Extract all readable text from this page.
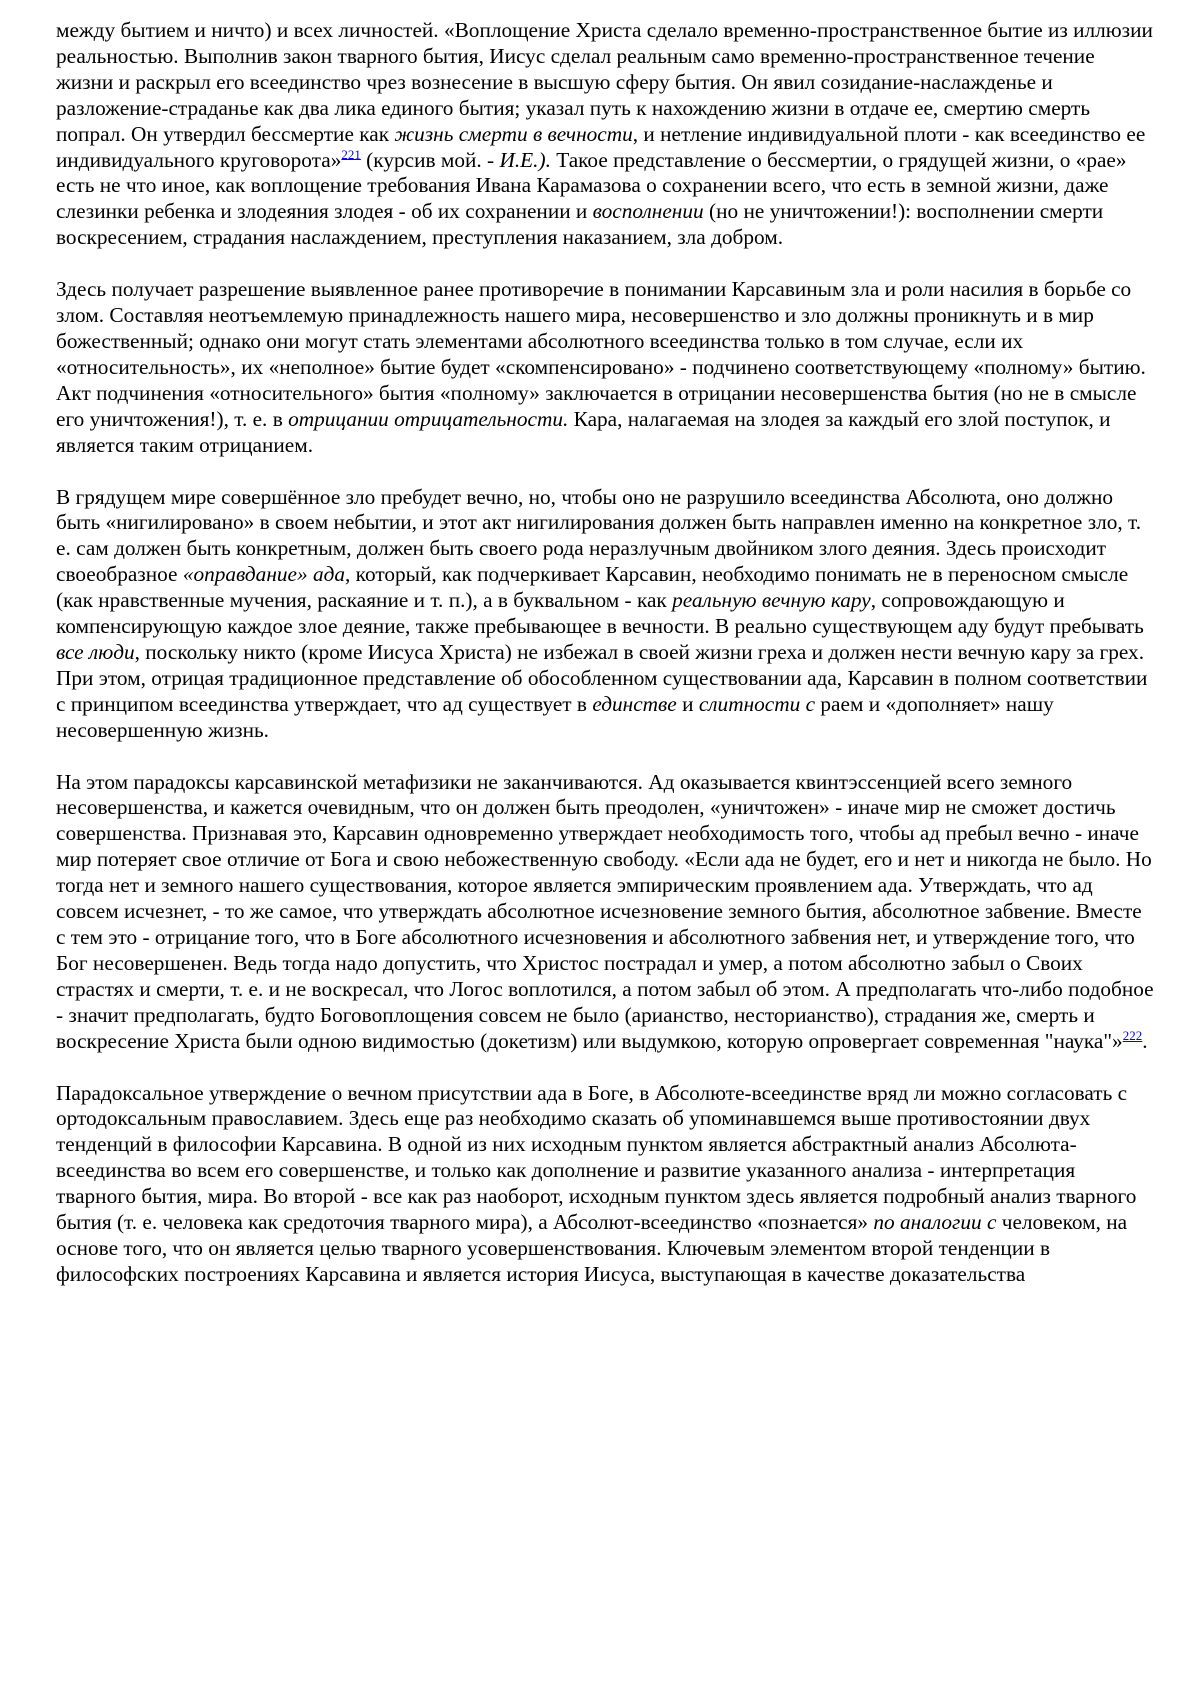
между бытием и ничто) и всех личностей. «Воплощение Христа сделало временно-пространственное бытие из иллюзии реальностью. Выполнив закон тварного бытия, Иисус сделал реальным само временно-пространственное течение жизни и раскрыл его всеединство чрез вознесение в высшую сферу бытия. Он явил созидание-наслажденье и разложение-страданье как два лика единого бытия; указал путь к нахождению жизни в отдаче ее, смертию смерть попрал. Он утвердил бессмертие как жизнь смерти в вечности, и нетление индивидуальной плоти - как всеединство ее индивидуального круговорота»$^{221}$ (курсив мой. - И.Е.). Такое представление о бессмертии, о грядущей жизни, о «рае» есть не что иное, как воплощение требования Ивана Карамазова о сохранении всего, что есть в земной жизни, даже слезинки ребенка и злодеяния злодея - об их сохранении и восполнении (но не уничтожении!): восполнении смерти воскресением, страдания наслаждением, преступления наказанием, зла добром.

Здесь получает разрешение выявленное ранее противоречие в понимании Карсавиным зла и роли насилия в борьбе со злом. Составляя неотъемлемую принадлежность нашего мира, несовершенство и зло должны проникнуть и в мир божественный; однако они могут стать элементами абсолютного всеединства только в том случае, если их «относительность», их «неполное» бытие будет «скомпенсировано» - подчинено соответствующему «полному» бытию. Акт подчинения «относительного» бытия «полному» заключается в отрицании несовершенства бытия (но не в смысле его уничтожения!), т. е. в отрицании отрицательности. Кара, налагаемая на злодея за каждый его злой поступок, и является таким отрицанием.

В грядущем мире совершённое зло пребудет вечно, но, чтобы оно не разрушило всеединства Абсолюта, оно должно быть «нигилировано» в своем небытии, и этот акт нигилирования должен быть направлен именно на конкретное зло, т. е. сам должен быть конкретным, должен быть своего рода неразлучным двойником злого деяния. Здесь происходит своеобразное «оправдание» ада, который, как подчеркивает Карсавин, необходимо понимать не в переносном смысле (как нравственные мучения, раскаяние и т. п.), а в буквальном - как реальную вечную кару, сопровождающую и компенсирующую каждое злое деяние, также пребывающее в вечности. В реально существующем аду будут пребывать все люди, поскольку никто (кроме Иисуса Христа) не избежал в своей жизни греха и должен нести вечную кару за грех. При этом, отрицая традиционное представление об обособленном существовании ада, Карсавин в полном соответствии с принципом всеединства утверждает, что ад существует в единстве и слитности с раем и «дополняет» нашу несовершенную жизнь.

На этом парадоксы карсавинской метафизики не заканчиваются. Ад оказывается квинтэссенцией всего земного несовершенства, и кажется очевидным, что он должен быть преодолен, «уничтожен» - иначе мир не сможет достичь совершенства. Признавая это, Карсавин одновременно утверждает необходимость того, чтобы ад пребыл вечно - иначе мир потеряет свое отличие от Бога и свою небожественную свободу. «Если ада не будет, его и нет и никогда не было. Но тогда нет и земного нашего существования, которое является эмпирическим проявлением ада. Утверждать, что ад совсем исчезнет, - то же самое, что утверждать абсолютное исчезновение земного бытия, абсолютное забвение. Вместе с тем это - отрицание того, что в Боге абсолютного исчезновения и абсолютного забвения нет, и утверждение того, что Бог несовершенен. Ведь тогда надо допустить, что Христос пострадал и умер, а потом абсолютно забыл о Своих страстях и смерти, т. е. и не воскресал, что Логос воплотился, а потом забыл об этом. А предполагать что-либо подобное - значит предполагать, будто Боговоплощения совсем не было (арианство, несторианство), страдания же, смерть и воскресение Христа были одною видимостью (докетизм) или выдумкою, которую опровергает современная "наука"»$^{222}$.

Парадоксальное утверждение о вечном присутствии ада в Боге, в Абсолюте-всеединстве вряд ли можно согласовать с ортодоксальным православием. Здесь еще раз необходимо сказать об упоминавшемся выше противостоянии двух тенденций в философии Карсавина. В одной из них исходным пунктом является абстрактный анализ Абсолюта-всеединства во всем его совершенстве, и только как дополнение и развитие указанного анализа - интерпретация тварного бытия, мира. Во второй - все как раз наоборот, исходным пунктом здесь является подробный анализ тварного бытия (т. е. человека как средоточия тварного мира), а Абсолют-всеединство «познается» по аналогии с человеком, на основе того, что он является целью тварного усовершенствования. Ключевым элементом второй тенденции в философских построениях Карсавина и является история Иисуса, выступающая в качестве доказательства
